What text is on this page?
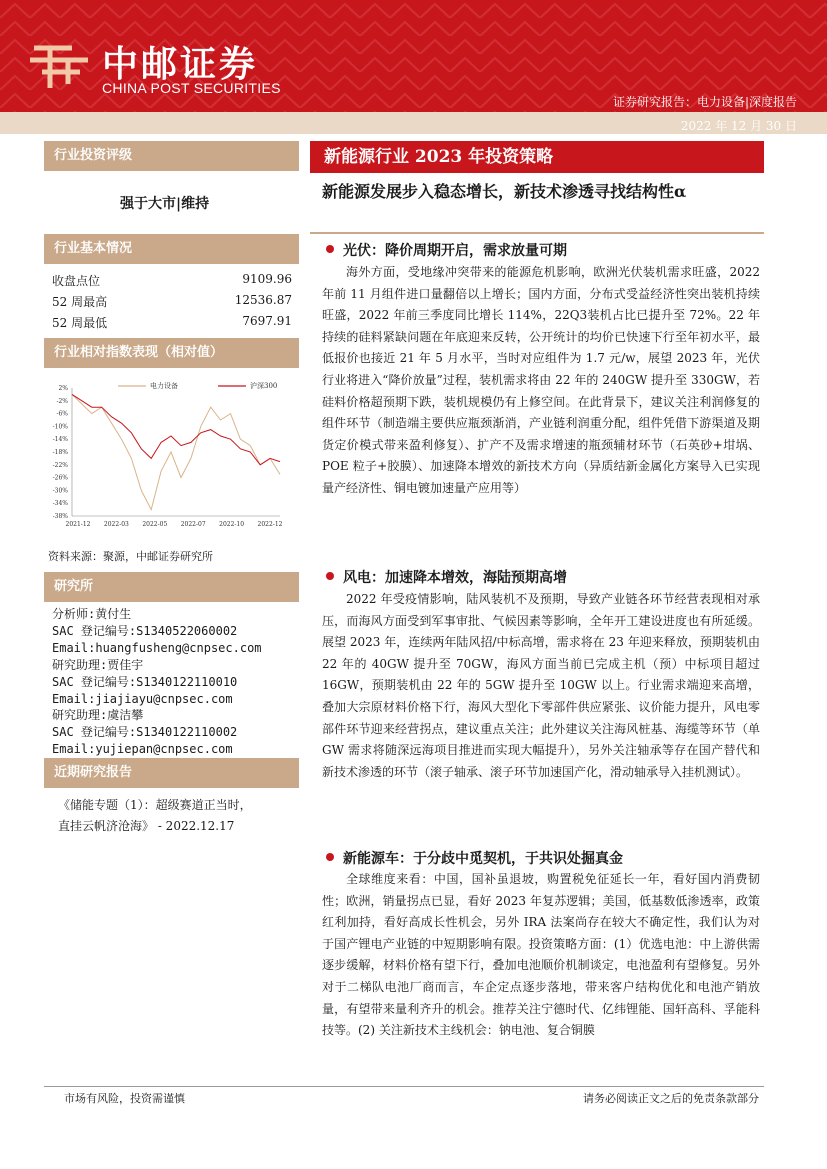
中邮证券
CHINA POST SECURITIES
证券研究报告：电力设备|深度报告
2022 年 12 月 30 日
行业投资评级
强于大市|维持
行业基本情况
收盘点位	9109.96
52 周最高	12536.87
52 周最低	7697.91
行业相对指数表现（相对值）
2%
-2%
-6%
-10%
-14%
-18%
-22%
-26%
-30%
-34%
-38%
2021-12 2022-03 2022-05 2022-07 2022-10 2022-12
电力设备	沪深300
资料来源：聚源，中邮证券研究所
研究所
分析师:黄付生
SAC 登记编号:S1340522060002
Email:huangfusheng@cnpsec.com
研究助理:贾佳宇
SAC 登记编号:S1340122110010
Email:jiajiayu@cnpsec.com
研究助理:虞洁攀
SAC 登记编号:S1340122110002
Email:yujiepan@cnpsec.com
近期研究报告
《储能专题（1）：超级赛道正当时，
直挂云帆济沧海》 - 2022.12.17
新能源行业 2023 年投资策略
新能源发展步入稳态增长，新技术渗透寻找结构性α
光伏：降价周期开启，需求放量可期
海外方面，受地缘冲突带来的能源危机影响，欧洲光伏装机需求旺盛，2022 年前 11 月组件进口量翻倍以上增长；国内方面，分布式受益经济性突出装机持续旺盛，2022 年前三季度同比增长 114%，22Q3装机占比已提升至 72%。22 年持续的硅料紧缺问题在年底迎来反转，公开统计的均价已快速下行至年初水平，最低报价也接近 21 年 5 月水平，当时对应组件为 1.7 元/w，展望 2023 年，光伏行业将进入“降价放量”过程，装机需求将由 22 年的 240GW 提升至 330GW，若硅料价格超预期下跌，装机规模仍有上修空间。在此背景下，建议关注利润修复的组件环节（制造端主要供应瓶颈渐消，产业链利润重分配，组件凭借下游渠道及期货定价模式带来盈利修复）、扩产不及需求增速的瓶颈辅材环节（石英砂+坩埚、POE 粒子+胶膜）、加速降本增效的新技术方向（异质结新金属化方案导入已实现量产经济性、铜电镀加速量产应用等）
风电：加速降本增效，海陆预期高增
2022 年受疫情影响，陆风装机不及预期，导致产业链各环节经营表现相对承压，而海风方面受到军事审批、气候因素等影响，全年开工建设进度也有所延缓。展望 2023 年，连续两年陆风招/中标高增，需求将在 23 年迎来释放，预期装机由 22 年的 40GW 提升至 70GW，海风方面当前已完成主机（预）中标项目超过 16GW，预期装机由 22 年的 5GW 提升至 10GW 以上。行业需求端迎来高增，叠加大宗原材料价格下行，海风大型化下零部件供应紧张、议价能力提升，风电零部件环节迎来经营拐点，建议重点关注；此外建议关注海风桩基、海缆等环节（单 GW 需求将随深远海项目推进而实现大幅提升），另外关注轴承等存在国产替代和新技术渗透的环节（滚子轴承、滚子环节加速国产化，滑动轴承导入挂机测试）。
新能源车：于分歧中觅契机，于共识处掘真金
全球维度来看：中国，国补虽退坡，购置税免征延长一年，看好国内消费韧性；欧洲，销量拐点已显，看好 2023 年复苏逻辑；美国，低基数低渗透率，政策红利加持，看好高成长性机会，另外 IRA 法案尚存在较大不确定性，我们认为对于国产锂电产业链的中短期影响有限。投资策略方面：(1）优选电池：中上游供需逐步缓解，材料价格有望下行，叠加电池顺价机制谈定，电池盈利有望修复。另外对于二梯队电池厂商而言，车企定点逐步落地，带来客户结构优化和电池产销放量，有望带来量利齐升的机会。推荐关注宁德时代、亿纬锂能、国轩高科、孚能科技等。(2) 关注新技术主线机会：钠电池、复合铜膜
市场有风险，投资需谨慎	请务必阅读正文之后的免责条款部分
